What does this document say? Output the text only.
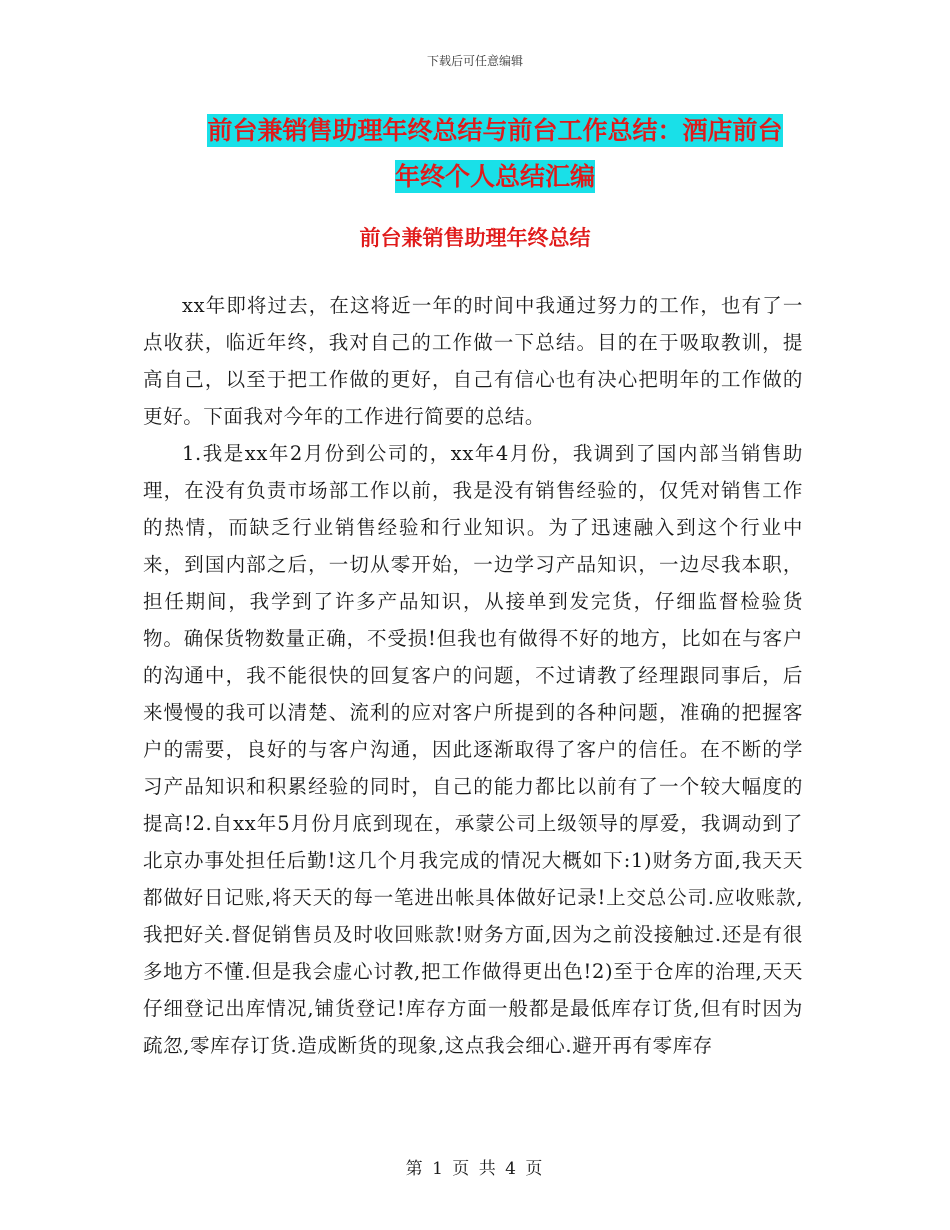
下载后可任意编辑
前台兼销售助理年终总结与前台工作总结：酒店前台
年终个人总结汇编
前台兼销售助理年终总结

xx年即将过去，在这将近一年的时间中我通过努力的工作，也有了一点收获，临近年终，我对自己的工作做一下总结。目的在于吸取教训，提高自己，以至于把工作做的更好，自己有信心也有决心把明年的工作做的更好。下面我对今年的工作进行简要的总结。

1.我是xx年2月份到公司的，xx年4月份，我调到了国内部当销售助理，在没有负责市场部工作以前，我是没有销售经验的，仅凭对销售工作的热情，而缺乏行业销售经验和行业知识。为了迅速融入到这个行业中来，到国内部之后，一切从零开始，一边学习产品知识，一边尽我本职，担任期间，我学到了许多产品知识，从接单到发完货，仔细监督检验货物。确保货物数量正确，不受损!但我也有做得不好的地方，比如在与客户的沟通中，我不能很快的回复客户的问题，不过请教了经理跟同事后，后来慢慢的我可以清楚、流利的应对客户所提到的各种问题，准确的把握客户的需要，良好的与客户沟通，因此逐渐取得了客户的信任。在不断的学习产品知识和积累经验的同时，自己的能力都比以前有了一个较大幅度的提高!2.自xx年5月份月底到现在，承蒙公司上级领导的厚爱，我调动到了北京办事处担任后勤!这几个月我完成的情况大概如下:1)财务方面,我天天都做好日记账,将天天的每一笔进出帐具体做好记录!上交总公司.应收账款,我把好关.督促销售员及时收回账款!财务方面,因为之前没接触过.还是有很多地方不懂.但是我会虚心讨教,把工作做得更出色!2)至于仓库的治理,天天仔细登记出库情况,铺货登记!库存方面一般都是最低库存订货,但有时因为疏忽,零库存订货.造成断货的现象,这点我会细心.避开再有零库存

第 1 页 共 4 页
